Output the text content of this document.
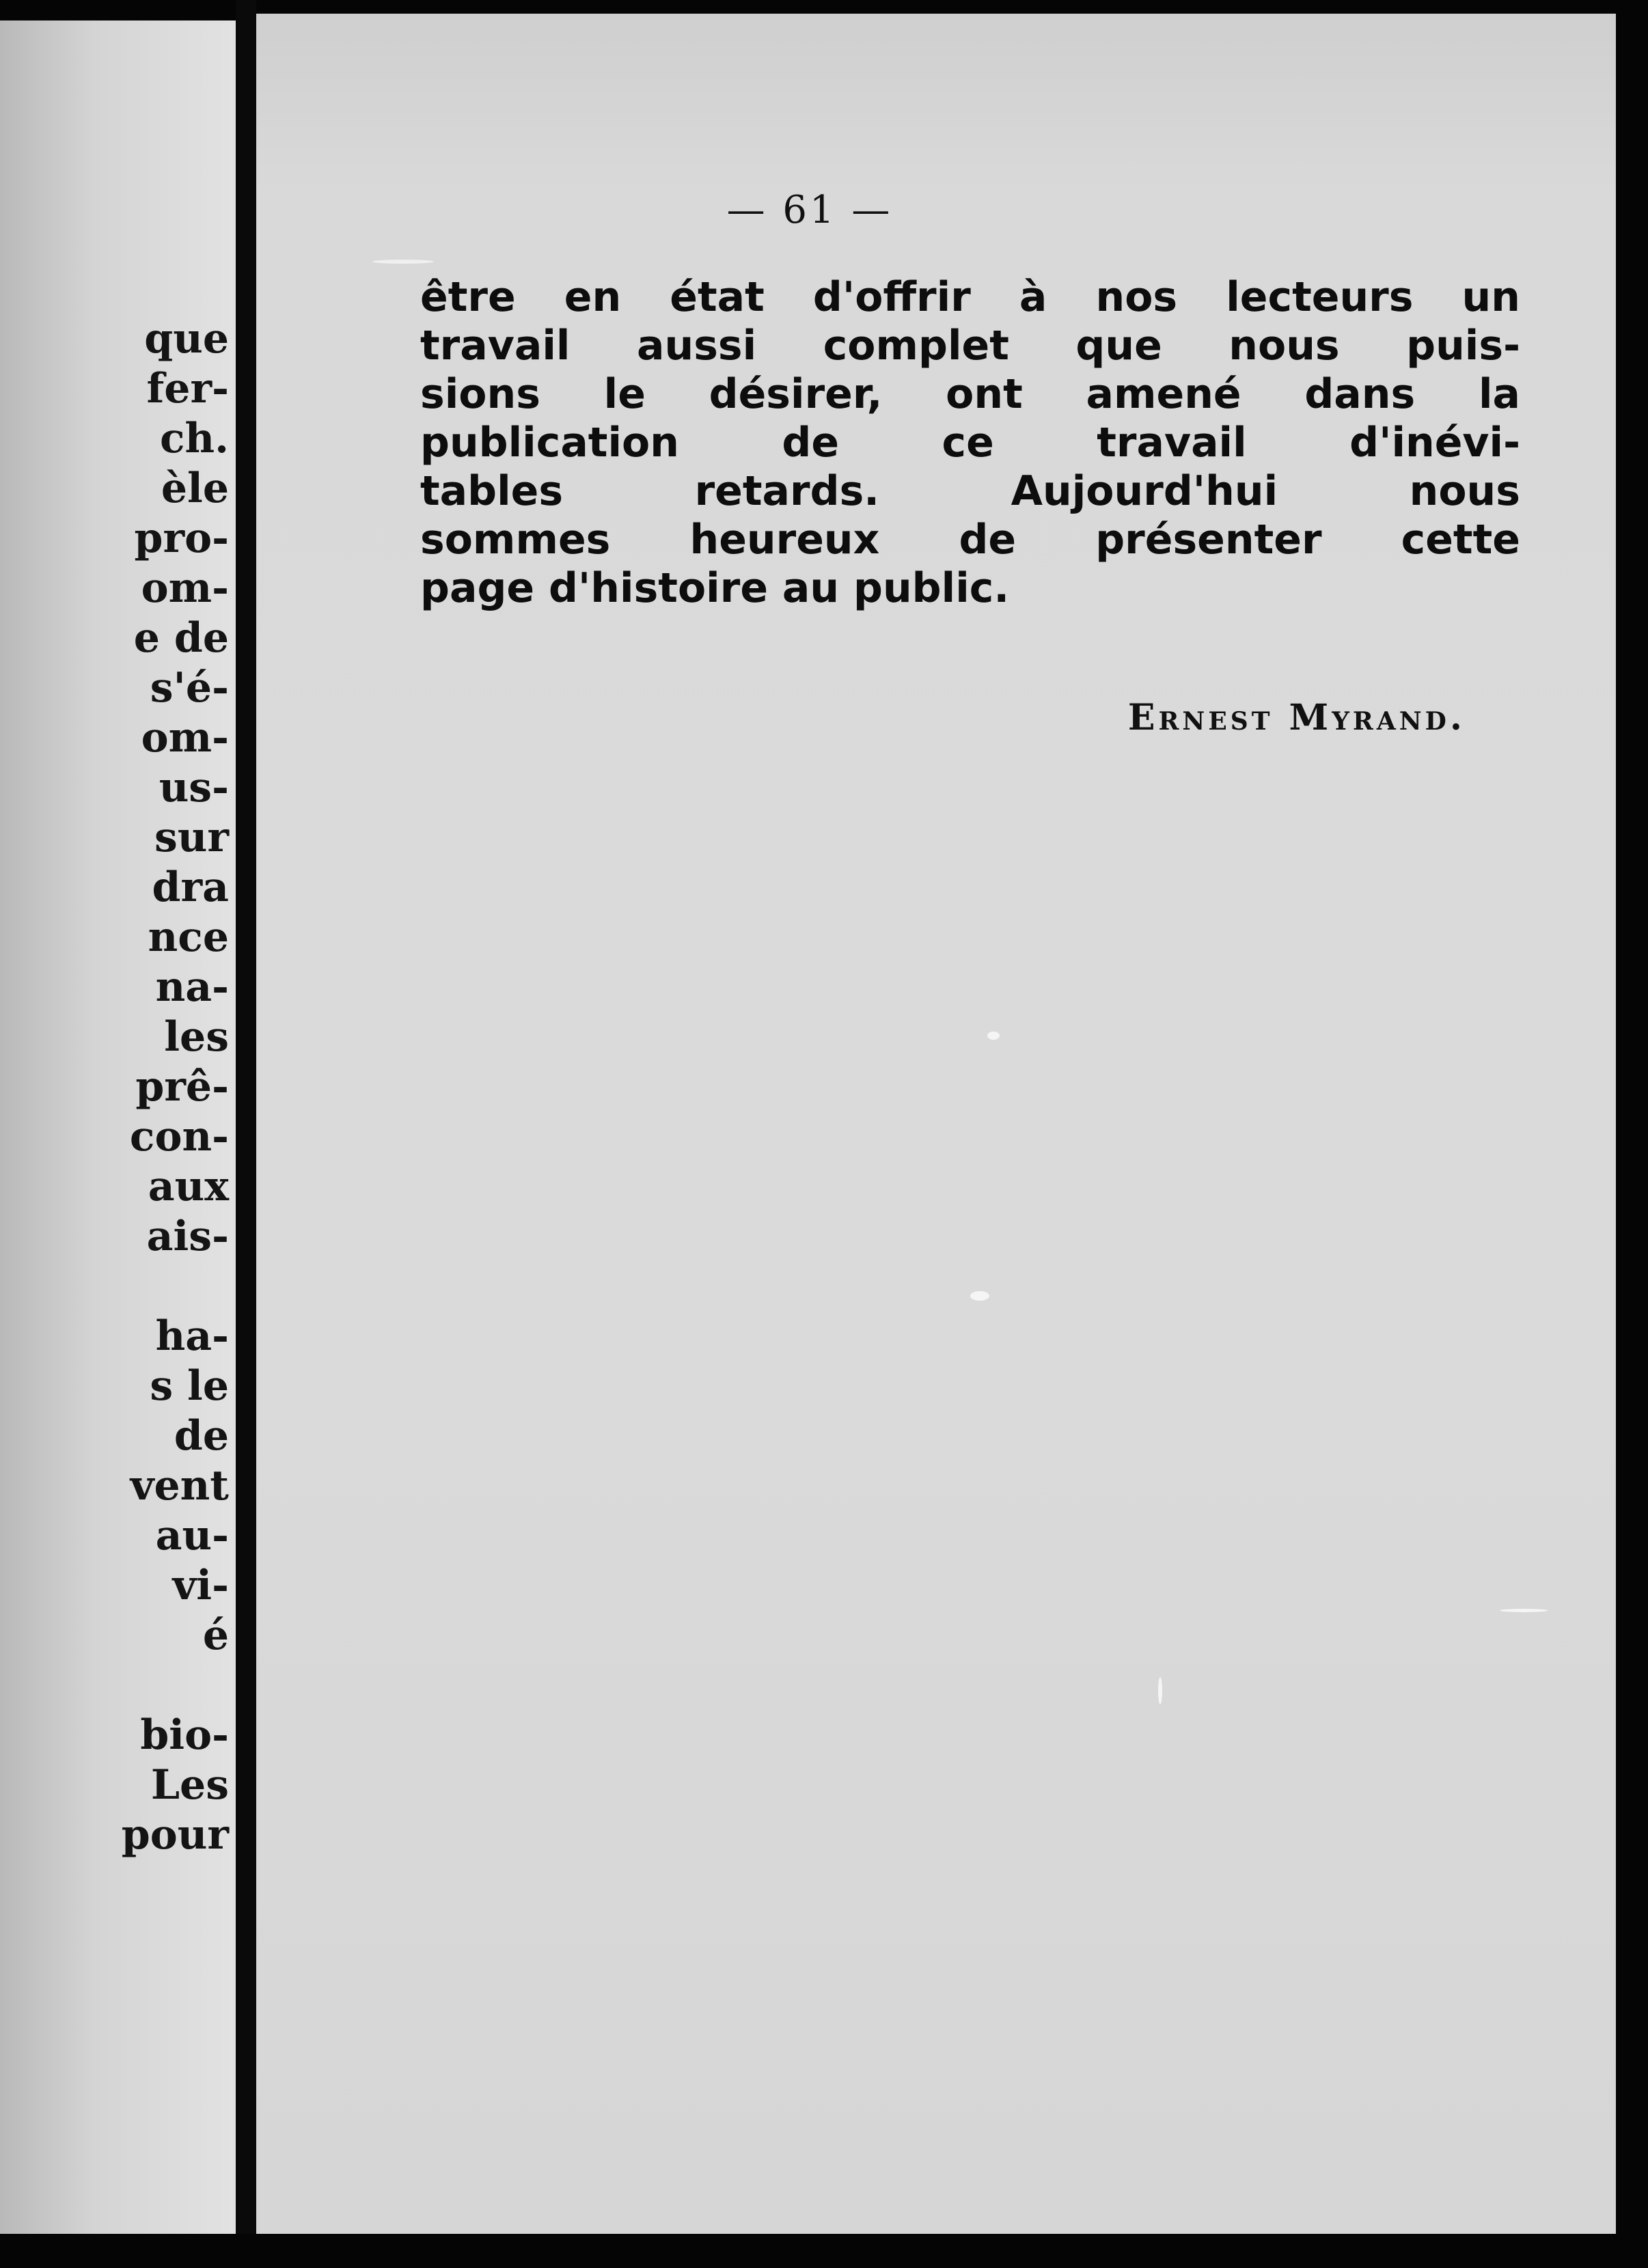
que
fer-
ch.
èle
pro-
om-
e de
s'é-
om-
us-
sur
dra
nce
na-
les
prê-
con-
aux
ais-
ha-
s le
de
vent
au-
vi-
é
bio-
Les
pour
— 61 —
être en état d'offrir à nos lecteurs un
travail aussi complet que nous puis-
sions le désirer, ont amené dans la
publication de ce travail d'inévi-
tables retards. Aujourd'hui nous
sommes heureux de présenter cette
page d'histoire au public.
Ernest Myrand.
